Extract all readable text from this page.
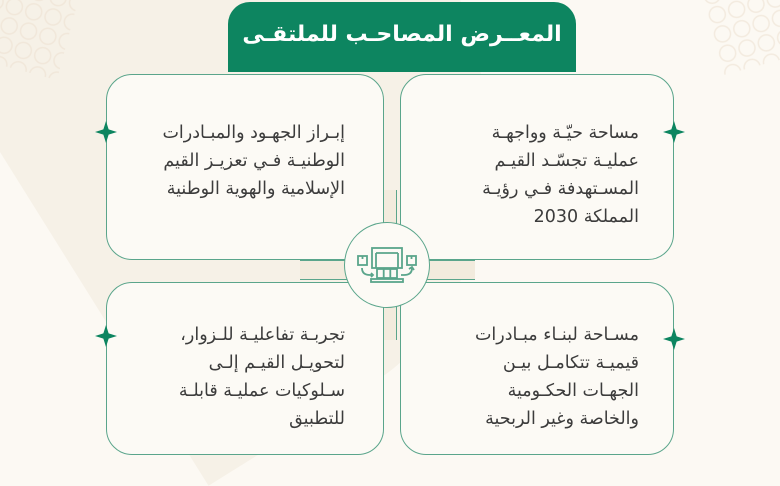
المعــرض المصاحـب للملتقـى
مساحة حيّـة وواجهـة
عمليـة تجسّـد القيـم
المسـتهدفة فـي رؤيـة
المملكة 2030
إبـراز الجهـود والمبـادرات
الوطنيـة فـي تعزيـز القيم
الإسلامية والهوية الوطنية
مسـاحة لبنـاء مبـادرات
قيميـة تتكامـل بيـن
الجهـات الحكـومية
والخاصة وغير الربحية
تجربـة تفاعليـة للـزوار،
لتحويـل القيـم إلـى
سـلوكيات عمليـة قابلـة
للتطبيق
